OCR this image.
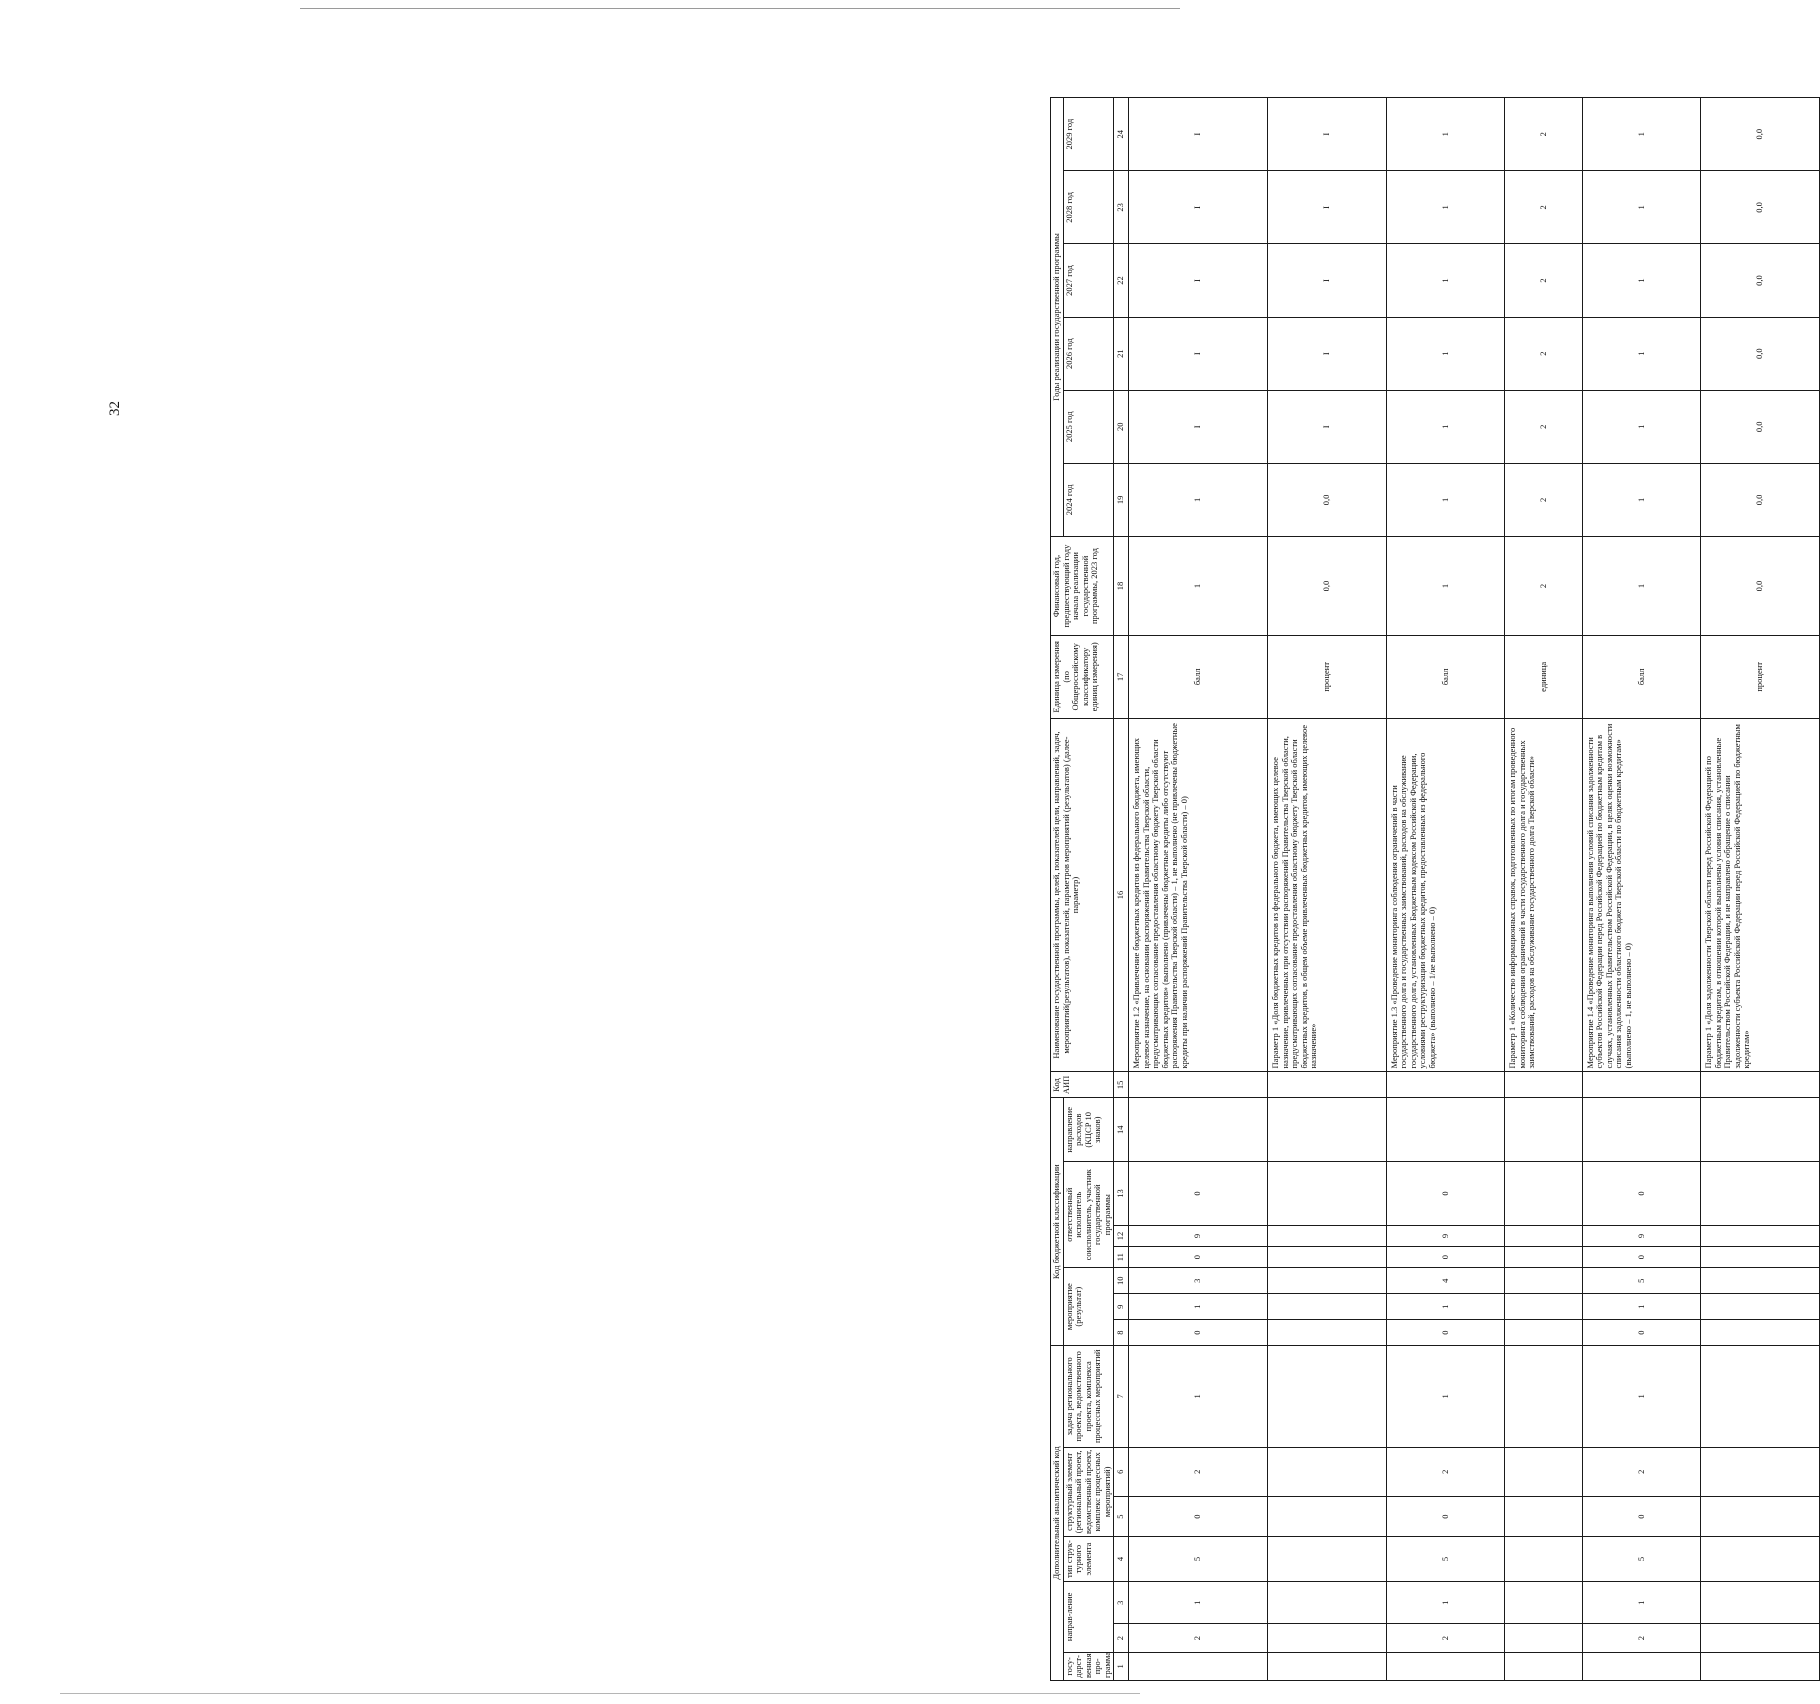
32
Дополнительный аналитический код							Код бюджетной классификации							Код АИП	Наименование государственной программы, целей, показателей цели, направлений, задач, мероприятий(результатов), показателей, параметров мероприятий (результатов) (далее-параметр)	Единица измерения (по Общероссийскому классификатору единиц измерения)	Финансовый год, предшествующий году начала реализации государственной программы, 2023 год	Годы реализации государственной программы					
госу-дарст-венная про-грамма	направ-ление		тип струк-турного элемента	структурный элемент (региональный проект, ведомственный проект, комплекс процессных мероприятий)		задача регионального проекта, ведомственного проекта, комплекса процессных мероприятий	мероприятие (результат)			ответственный исполнитель соисполнитель, участник государственной программы			направление расходов (КЦСР 10 знаков)					2024 год	2025 год	2026 год	2027 год	2028 год	2029 год

1	2	3	4	5	6	7	8	9	10	11	12	13	14	15	16	17	18	19	20	21	22	23	24
	2	1	5	0	2	1	0	1	3	0	9	0			Мероприятие 1.2 «Привлечение бюджетных кредитов из федерального бюджета, имеющих целевое назначение, на основании распоряжений Правительства Тверской области, предусматривающих согласование предоставления областному бюджету Тверской области бюджетных кредитов» (выполнено (привлечены бюджетные кредиты либо отсутствуют распоряжения Правительства Тверской области) – 1, не выполнено (не привлечены бюджетные кредиты при наличии распоряжений Правительства Тверской области) – 0)	балл	1	1	I	I	I	I	I
															Параметр 1 «Доля бюджетных кредитов из федерального бюджета, имеющих целевое назначение, привлеченных при отсутствии распоряжений Правительства Тверской области, предусматривающих согласование предоставления областному бюджету Тверской области бюджетных кредитов, в общем объеме привлеченных бюджетных кредитов, имеющих целевое назначение»	процент	0,0	0,0	I	I	I	I	I
	2	1	5	0	2	1	0	1	4	0	9	0			Мероприятие 1.3 «Проведение мониторинга соблюдения ограничений в части государственного долга и государственных заимствований, расходов на обслуживание государственного долга, установленных Бюджетным кодексом Российской Федерации, условиями реструктуризации бюджетных кредитов, предоставленных из федерального бюджета» (выполнено – 1/не выполнено – 0)	балл	1	1	1	1	1	1	1
															Параметр 1 «Количество информационных справок, подготовленных по итогам проведенного мониторинга соблюдения ограничений в части государственного долга и государственных заимствований, расходов на обслуживание государственного долга Тверской области»	единица	2	2	2	2	2	2	2
	2	1	5	0	2	1	0	1	5	0	9	0			Мероприятие 1.4 «Проведение мониторинга выполнения условий списания задолженности субъектов Российской Федерации перед Российской Федерацией по бюджетным кредитам в случаях, установленных Правительством Российской Федерации, в целях оценки возможности списания задолженности областного бюджета Тверской области по бюджетным кредитам» (выполнено – 1, не выполнено – 0)	балл	1	1	1	1	1	1	1
															Параметр 1 «Доля задолженности Тверской области перед Российской Федерацией по бюджетным кредитам, в отношении которой выполнены условия списания, установленные Правительством Российской Федерации, и не направлено обращение о списании задолженности субъекта Российской Федерации перед Российской Федерацией по бюджетным кредитам»	процент	0,0	0,0	0,0	0,0	0,0	0,0	0,0
